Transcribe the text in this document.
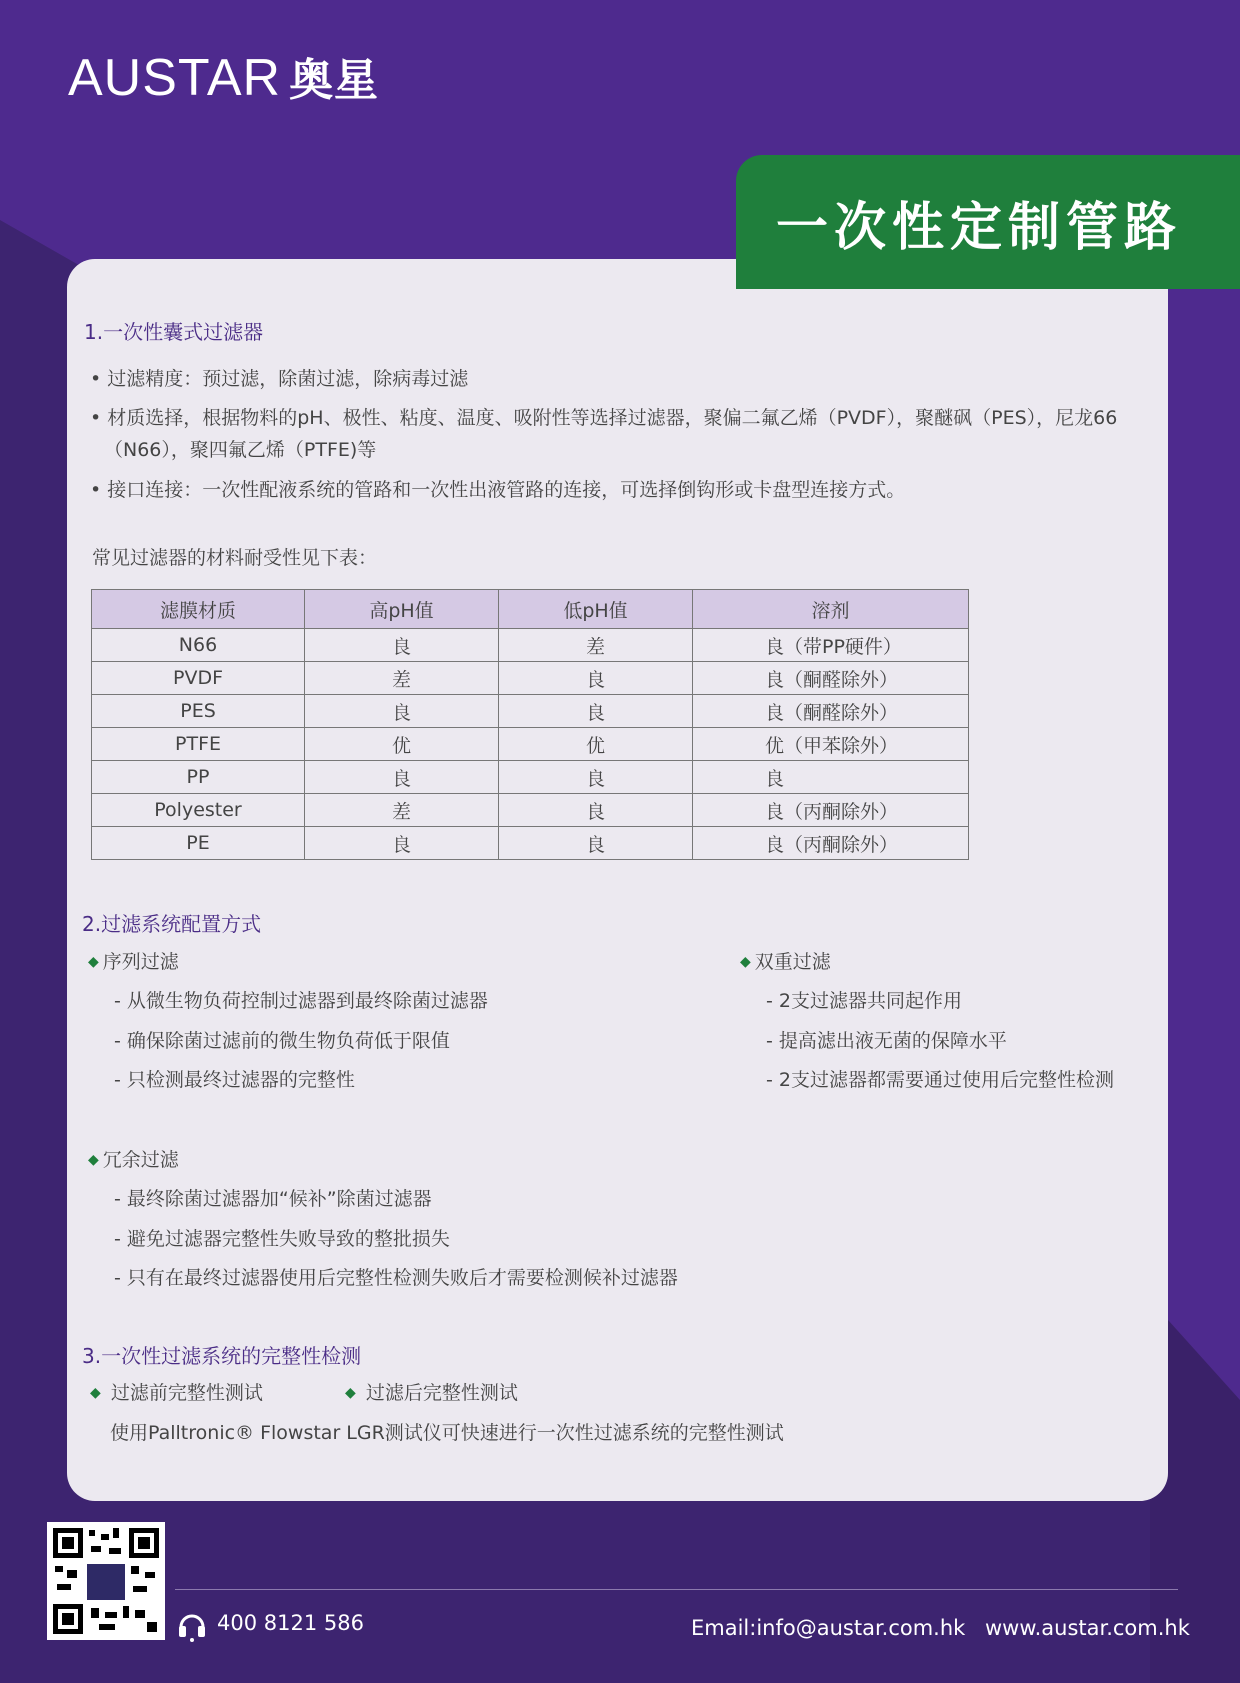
AUSTAR 奥星
一次性定制管路
1.一次性囊式过滤器
• 过滤精度：预过滤，除菌过滤，除病毒过滤
• 材质选择，根据物料的pH、极性、粘度、温度、吸附性等选择过滤器，聚偏二氟乙烯（PVDF），聚醚砜（PES），尼龙66
（N66），聚四氟乙烯（PTFE)等
• 接口连接：一次性配液系统的管路和一次性出液管路的连接，可选择倒钩形或卡盘型连接方式。
常见过滤器的材料耐受性见下表：
滤膜材质	高pH值	低pH值	溶剂
N66	良	差	良（带PP硬件）
PVDF	差	良	良（酮醛除外）
PES	良	良	良（酮醛除外）
PTFE	优	优	优（甲苯除外）
PP	良	良	良
Polyester	差	良	良（丙酮除外）
PE	良	良	良（丙酮除外）
2.过滤系统配置方式
◆ 序列过滤
- 从微生物负荷控制过滤器到最终除菌过滤器
- 确保除菌过滤前的微生物负荷低于限值
- 只检测最终过滤器的完整性
◆ 双重过滤
- 2支过滤器共同起作用
- 提高滤出液无菌的保障水平
- 2支过滤器都需要通过使用后完整性检测
◆ 冗余过滤
- 最终除菌过滤器加“候补”除菌过滤器
- 避免过滤器完整性失败导致的整批损失
- 只有在最终过滤器使用后完整性检测失败后才需要检测候补过滤器
3.一次性过滤系统的完整性检测
◆ 过滤前完整性测试	◆ 过滤后完整性测试
使用Palltronic® Flowstar LGR测试仪可快速进行一次性过滤系统的完整性测试
400 8121 586	Email:info@austar.com.hk www.austar.com.hk
